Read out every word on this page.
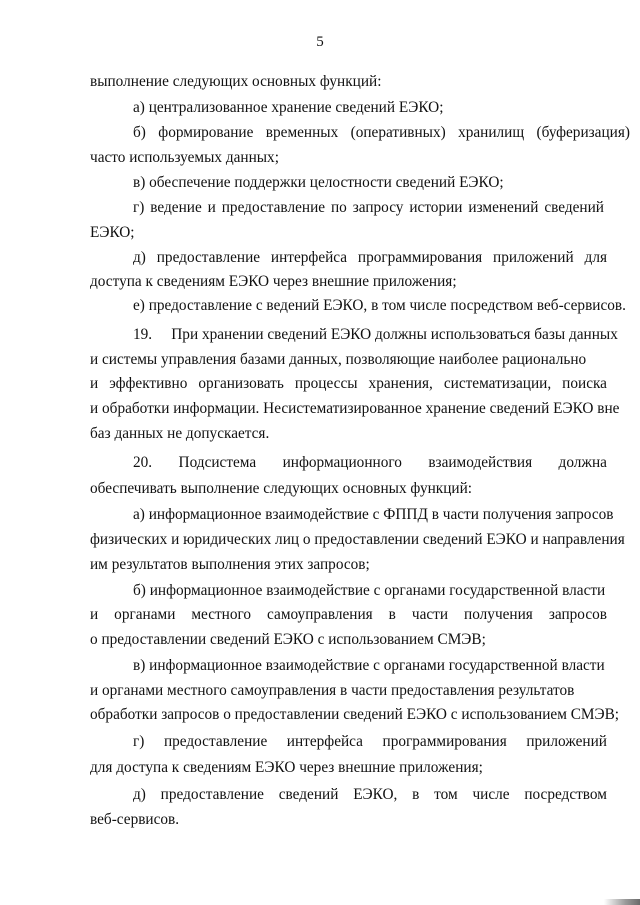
5
выполнение следующих основных функций:
а) централизованное хранение сведений ЕЭКО;
б) формирование временных (оперативных) хранилищ (буферизация)
часто используемых данных;
в) обеспечение поддержки целостности сведений ЕЭКО;
г) ведение и предоставление по запросу истории изменений сведений
ЕЭКО;
д) предоставление интерфейса программирования приложений для
доступа к сведениям ЕЭКО через внешние приложения;
е) предоставление с ведений ЕЭКО, в том числе посредством веб-сервисов.
19.     При хранении сведений ЕЭКО должны использоваться базы данных
и системы управления базами данных, позволяющие наиболее рационально
и эффективно организовать процессы хранения, систематизации, поиска
и обработки информации. Несистематизированное хранение сведений ЕЭКО вне
баз данных не допускается.
20. Подсистема информационного взаимодействия должна
обеспечивать выполнение следующих основных функций:
а) информационное взаимодействие с ФППД в части получения запросов
физических и юридических лиц о предоставлении сведений ЕЭКО и направления
им результатов выполнения этих запросов;
б) информационное взаимодействие с органами государственной власти
и органами местного самоуправления в части получения запросов
о предоставлении сведений ЕЭКО с использованием СМЭВ;
в) информационное взаимодействие с органами государственной власти
и органами местного самоуправления в части предоставления результатов
обработки запросов о предоставлении сведений ЕЭКО с использованием СМЭВ;
г) предоставление интерфейса программирования приложений
для доступа к сведениям ЕЭКО через внешние приложения;
д) предоставление сведений ЕЭКО, в том числе посредством
веб-сервисов.
